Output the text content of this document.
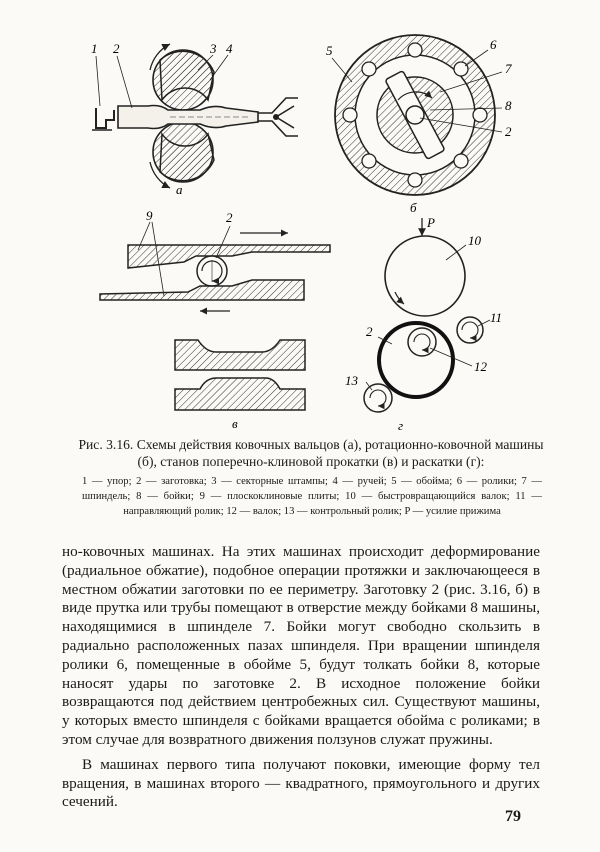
1 2	3 4
а
5	6
7
8
2
б
9	2
в
P
10
11
13
2
12
г
Рис. 3.16. Схемы действия ковочных вальцов (а), ротационно-ковочной машины (б), станов поперечно-клиновой прокатки (в) и раскатки (г):
1 — упор; 2 — заготовка; 3 — секторные штампы; 4 — ручей; 5 — обойма; 6 — ролики; 7 — шпиндель; 8 — бойки; 9 — плоскоклиновые плиты; 10 — быстровращающийся валок; 11 — направляющий ролик; 12 — валок; 13 — контрольный ролик; P — усилие прижима

но-ковочных машинах. На этих машинах происходит деформирование (радиальное обжатие), подобное операции протяжки и заключающееся в местном обжатии заготовки по ее периметру. Заготовку 2 (рис. 3.16, б) в виде прутка или трубы помещают в отверстие между бойками 8 машины, находящимися в шпинделе 7. Бойки могут свободно скользить в радиально расположенных пазах шпинделя. При вращении шпинделя ролики 6, помещенные в обойме 5, будут толкать бойки 8, которые наносят удары по заготовке 2. В исходное положение бойки возвращаются под действием центробежных сил. Существуют машины, у которых вместо шпинделя с бойками вращается обойма с роликами; в этом случае для возвратного движения ползунов служат пружины.

В машинах первого типа получают поковки, имеющие форму тел вращения, в машинах второго — квадратного, прямоугольного и других сечений.

79
